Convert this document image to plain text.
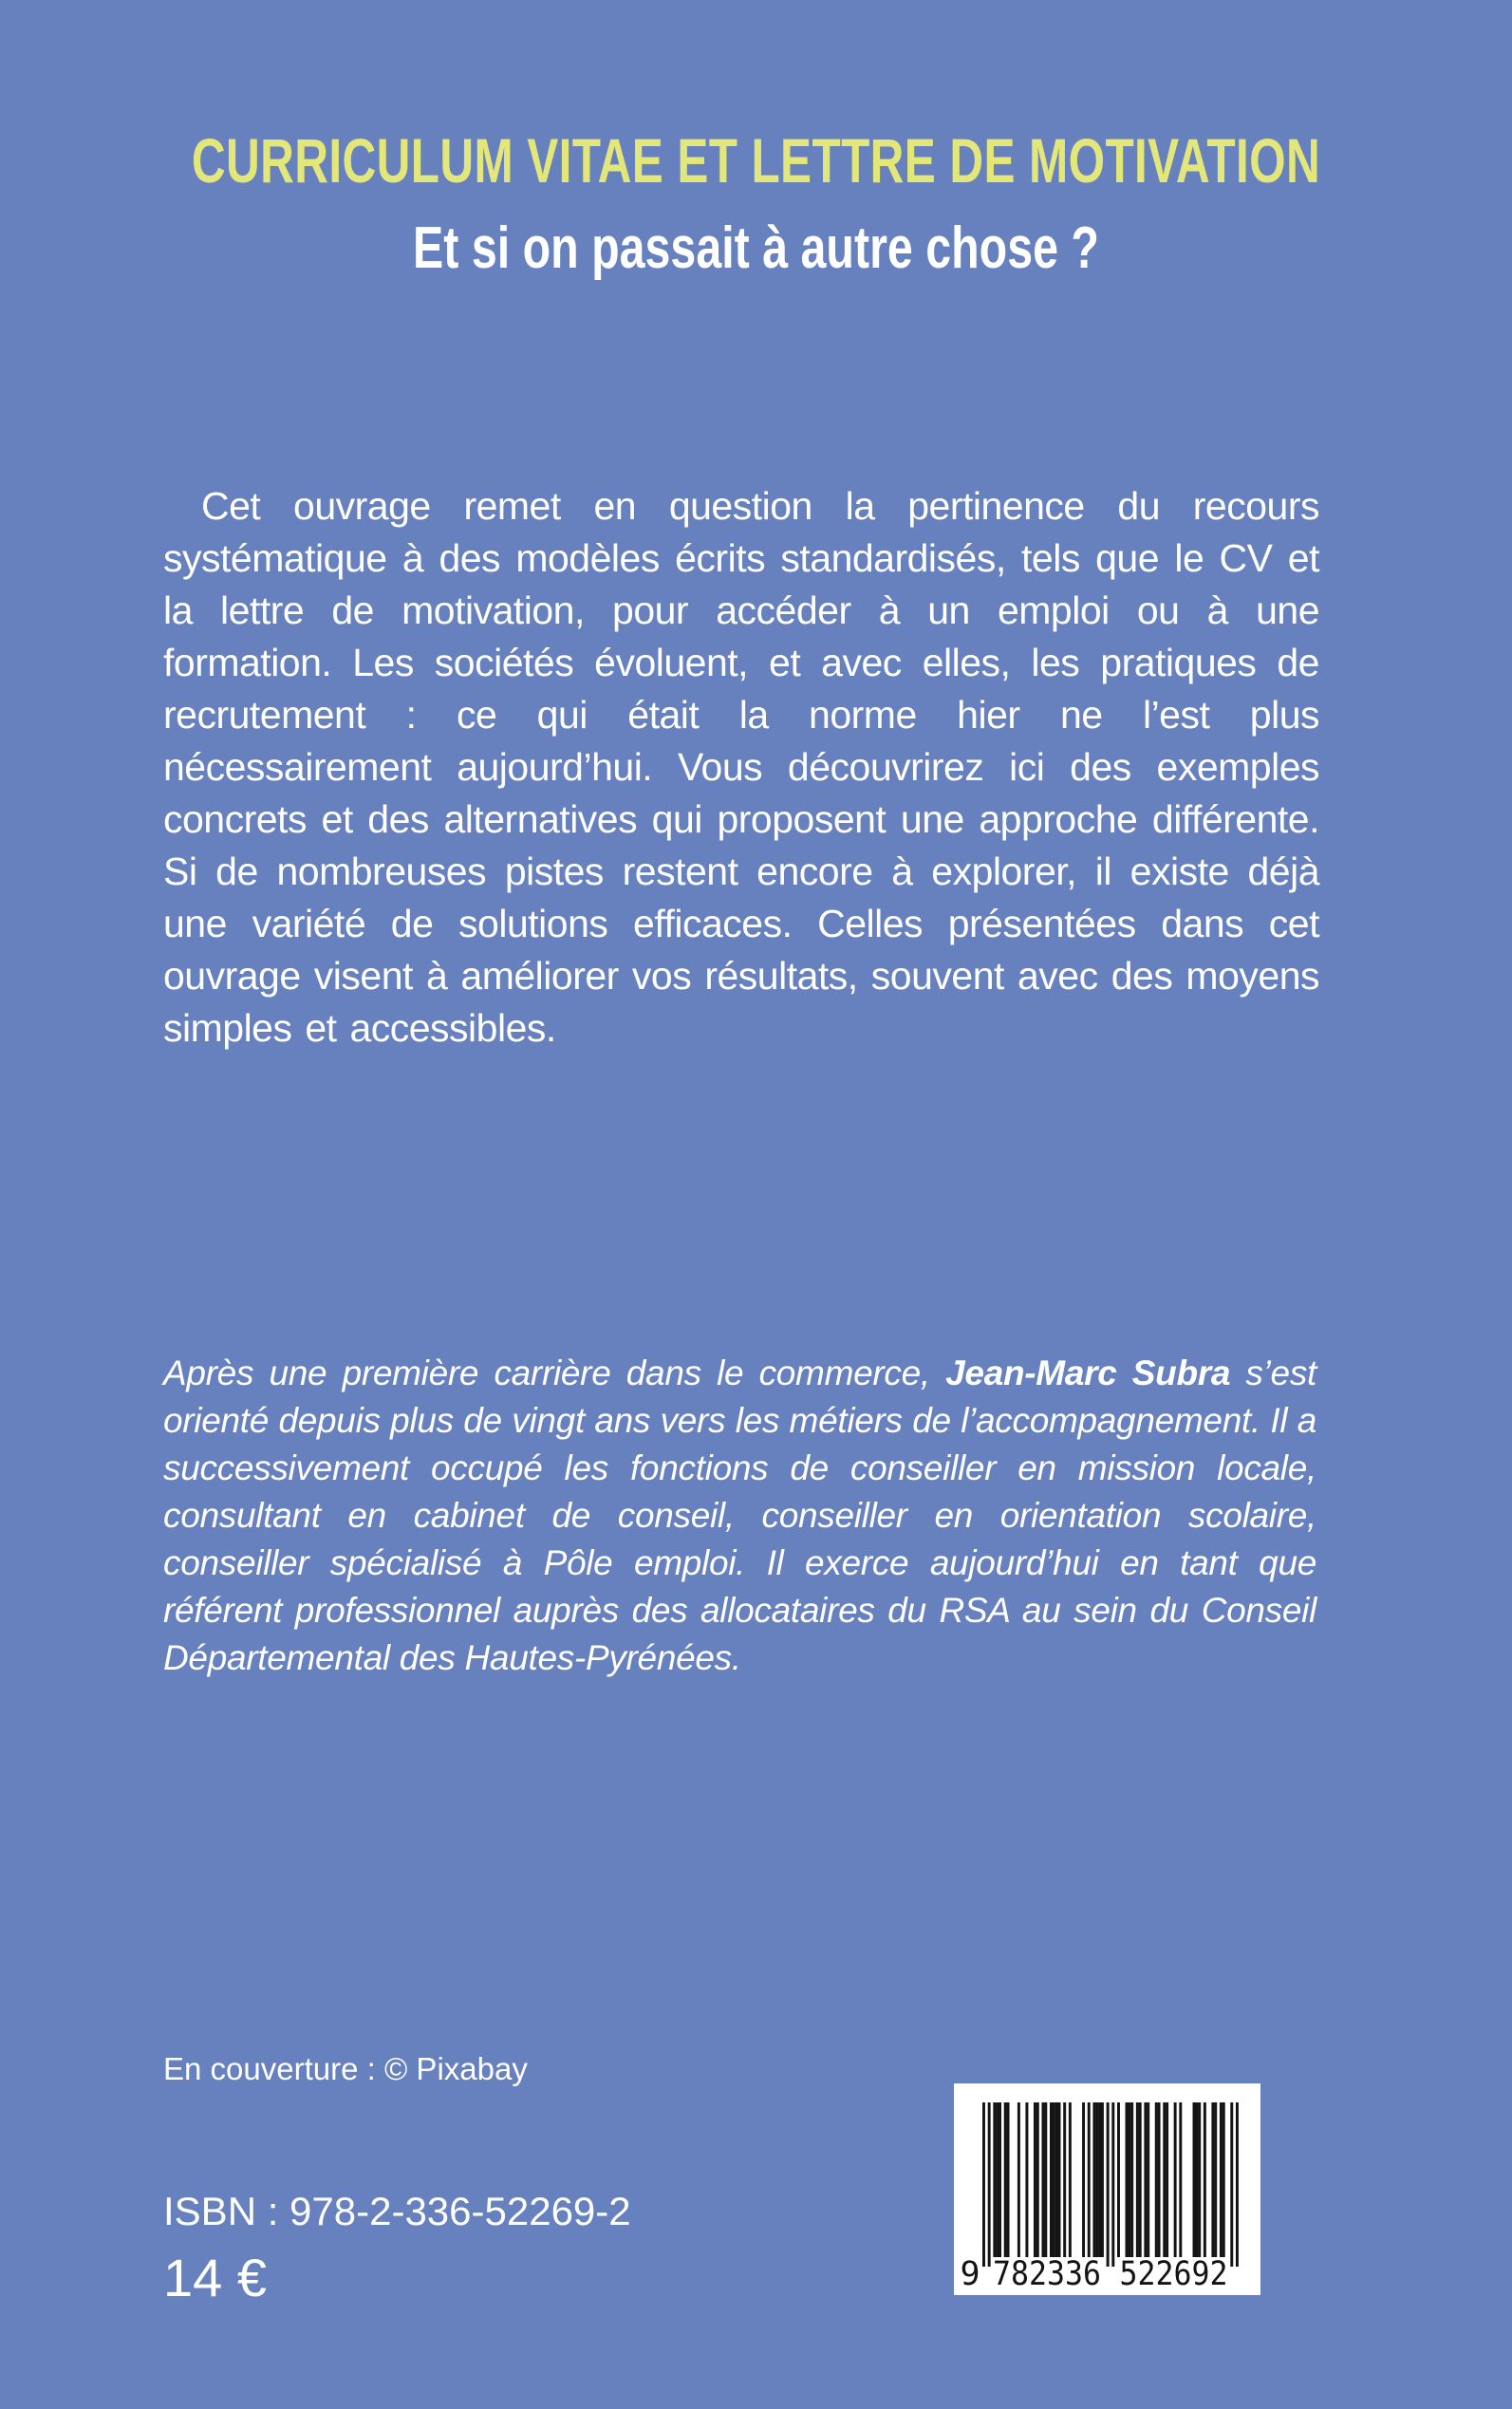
CURRICULUM VITAE ET LETTRE DE MOTIVATION
Et si on passait à autre chose ?

Cet ouvrage remet en question la pertinence du recours systématique à des modèles écrits standardisés, tels que le CV et la lettre de motivation, pour accéder à un emploi ou à une formation. Les sociétés évoluent, et avec elles, les pratiques de recrutement : ce qui était la norme hier ne l’est plus nécessairement aujourd’hui. Vous découvrirez ici des exemples concrets et des alternatives qui proposent une approche différente. Si de nombreuses pistes restent encore à explorer, il existe déjà une variété de solutions efficaces. Celles présentées dans cet ouvrage visent à améliorer vos résultats, souvent avec des moyens simples et accessibles.

Après une première carrière dans le commerce, Jean-Marc Subra s’est orienté depuis plus de vingt ans vers les métiers de l’accompagnement. Il a successivement occupé les fonctions de conseiller en mission locale, consultant en cabinet de conseil, conseiller en orientation scolaire, conseiller spécialisé à Pôle emploi. Il exerce aujourd’hui en tant que référent professionnel auprès des allocataires du RSA au sein du Conseil Départemental des Hautes-Pyrénées.

En couverture : © Pixabay

ISBN : 978-2-336-52269-2

14 €	9 782336 522692
